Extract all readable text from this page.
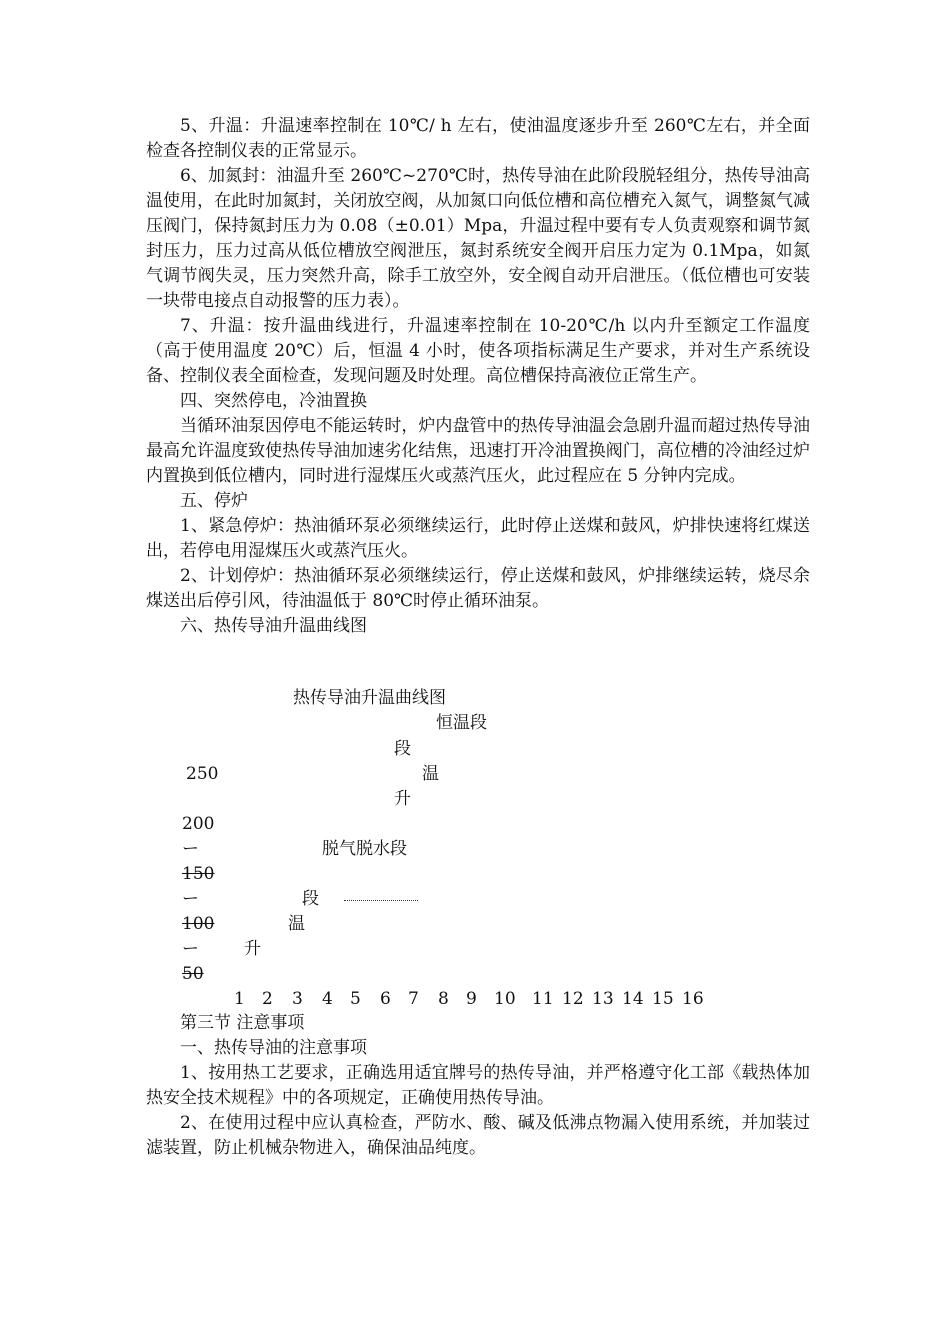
5、升温：升温速率控制在 10℃/ h 左右，使油温度逐步升至 260℃左右，并全面检查各控制仪表的正常显示。

6、加氮封：油温升至 260℃~270℃时，热传导油在此阶段脱轻组分，热传导油高温使用，在此时加氮封，关闭放空阀，从加氮口向低位槽和高位槽充入氮气，调整氮气减压阀门，保持氮封压力为 0.08（±0.01）Mpa，升温过程中要有专人负责观察和调节氮封压力，压力过高从低位槽放空阀泄压，氮封系统安全阀开启压力定为 0.1Mpa，如氮气调节阀失灵，压力突然升高，除手工放空外，安全阀自动开启泄压。（低位槽也可安装一块带电接点自动报警的压力表）。

7、升温：按升温曲线进行，升温速率控制在 10-20℃/h 以内升至额定工作温度（高于使用温度 20℃）后，恒温 4 小时，使各项指标满足生产要求，并对生产系统设备、控制仪表全面检查，发现问题及时处理。高位槽保持高液位正常生产。

四、突然停电，冷油置换

当循环油泵因停电不能运转时，炉内盘管中的热传导油温会急剧升温而超过热传导油最高允许温度致使热传导油加速劣化结焦，迅速打开冷油置换阀门，高位槽的冷油经过炉内置换到低位槽内，同时进行湿煤压火或蒸汽压火，此过程应在 5 分钟内完成。

五、停炉

1、紧急停炉：热油循环泵必须继续运行，此时停止送煤和鼓风，炉排快速将红煤送出，若停电用湿煤压火或蒸汽压火。

2、计划停炉：热油循环泵必须继续运行，停止送煤和鼓风，炉排继续运转，烧尽余煤送出后停引风，待油温低于 80℃时停止循环油泵。

六、热传导油升温曲线图

热传导油升温曲线图
恒温段
段
250	温
升
200
ー	脱气脱水段
150
ー	段
100	温
ー	升
50
1 2 3 4 5 6 7 8 9 10 11 12 13 14 15 16

第三节 注意事项

一、热传导油的注意事项

1、按用热工艺要求，正确选用适宜牌号的热传导油，并严格遵守化工部《载热体加热安全技术规程》中的各项规定，正确使用热传导油。

2、在使用过程中应认真检查，严防水、酸、碱及低沸点物漏入使用系统，并加装过滤装置，防止机械杂物进入，确保油品纯度。
